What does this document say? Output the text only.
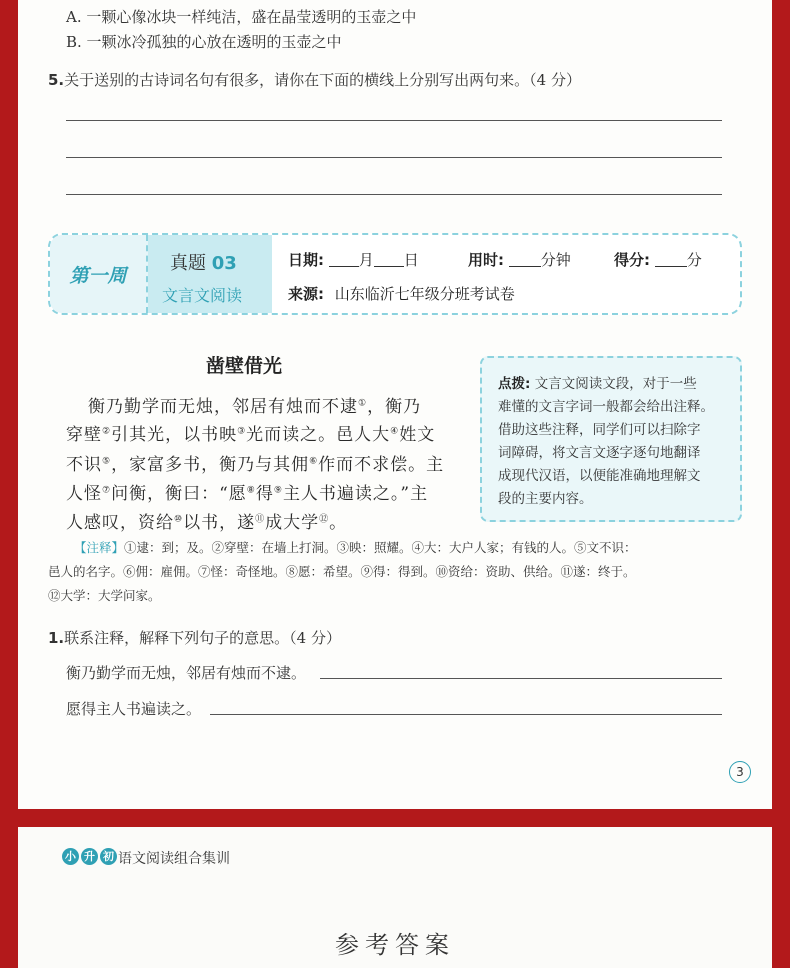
A. 一颗心像冰块一样纯洁，盛在晶莹透明的玉壶之中
B. 一颗冰冷孤独的心放在透明的玉壶之中
5.关于送别的古诗词名句有很多，请你在下面的横线上分别写出两句来。（4 分）
第一周
真题 03
文言文阅读
日期: 月 日	用时: 分钟	得分: 分
来源: 山东临沂七年级分班考试卷
凿壁借光
衡乃勤学而无烛，邻居有烛而不逮①，衡乃
穿壁②引其光，以书映③光而读之。邑人大④姓文
不识⑤，家富多书，衡乃与其佣⑥作而不求偿。主
人怪⑦问衡，衡曰：“愿⑧得⑨主人书遍读之。”主
人感叹，资给⑩以书，遂⑪成大学⑫。
点拨: 文言文阅读文段，对于一些
难懂的文言字词一般都会给出注释。
借助这些注释，同学们可以扫除字
词障碍，将文言文逐字逐句地翻译
成现代汉语，以便能准确地理解文
段的主要内容。
【注释】①逮：到；及。②穿壁：在墙上打洞。③映：照耀。④大：大户人家；有钱的人。⑤文不识：
邑人的名字。⑥佣：雇佣。⑦怪：奇怪地。⑧愿：希望。⑨得：得到。⑩资给：资助、供给。⑪遂：终于。
⑫大学：大学问家。
1.联系注释，解释下列句子的意思。（4 分）
衡乃勤学而无烛，邻居有烛而不逮。
愿得主人书遍读之。
3
小 升 初 语文阅读组合集训
参考答案
